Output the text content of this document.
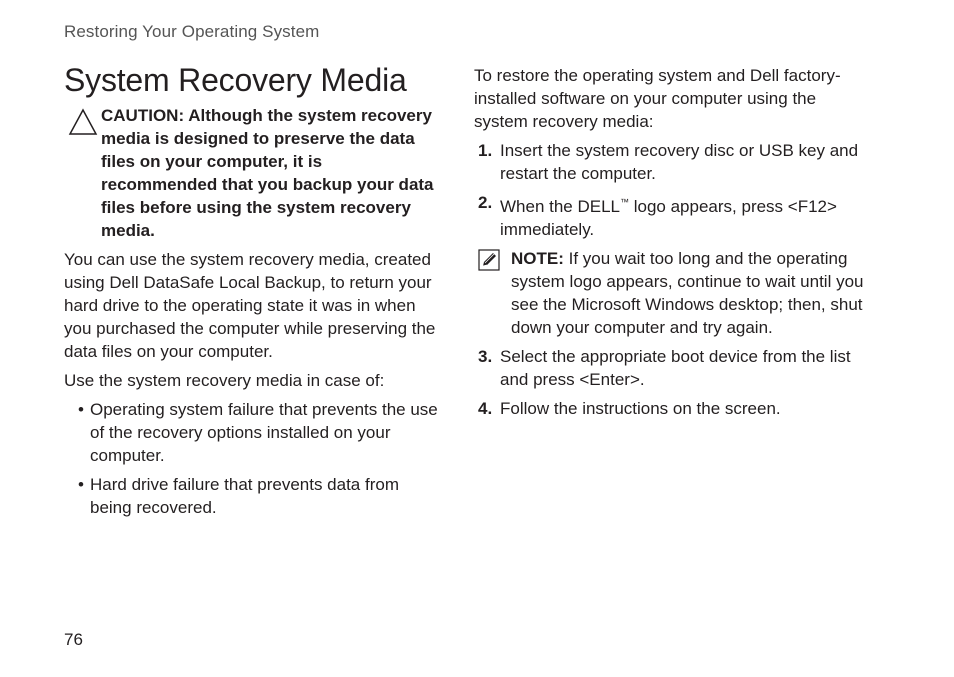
Restoring Your Operating System
System Recovery Media

CAUTION: Although the system recovery media is designed to preserve the data files on your computer, it is recommended that you backup your data files before using the system recovery media.

You can use the system recovery media, created using Dell DataSafe Local Backup, to return your hard drive to the operating state it was in when you purchased the computer while preserving the data files on your computer.

Use the system recovery media in case of:

• Operating system failure that prevents the use of the recovery options installed on your computer.
• Hard drive failure that prevents data from being recovered.

To restore the operating system and Dell factory-installed software on your computer using the system recovery media:

1. Insert the system recovery disc or USB key and restart the computer.
2. When the DELL™ logo appears, press <F12> immediately.

NOTE: If you wait too long and the operating system logo appears, continue to wait until you see the Microsoft Windows desktop; then, shut down your computer and try again.

3. Select the appropriate boot device from the list and press <Enter>.
4. Follow the instructions on the screen.
76
